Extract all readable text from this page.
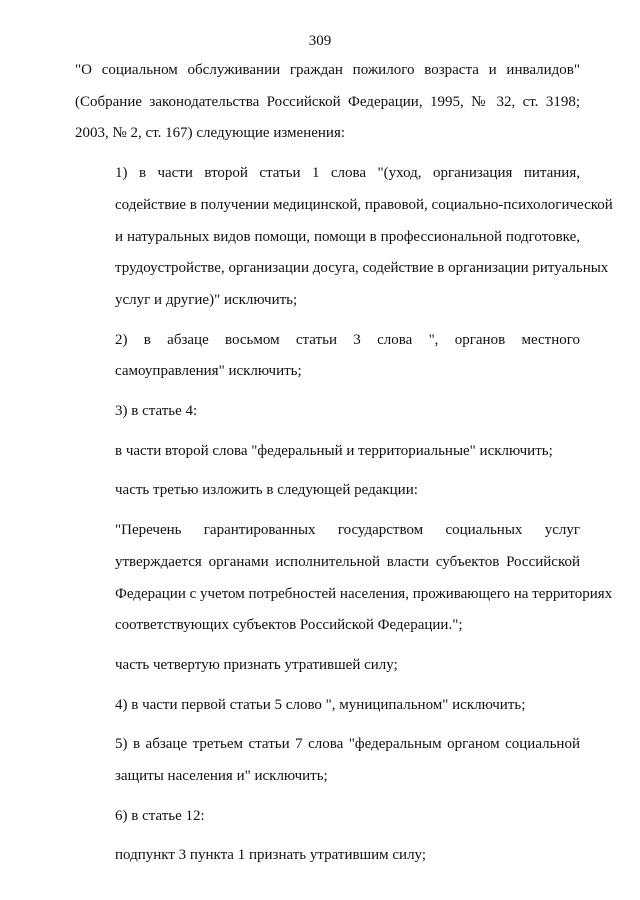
309
"О социальном обслуживании граждан пожилого возраста и инвалидов"
(Собрание законодательства Российской Федерации, 1995, № 32, ст. 3198;
2003, № 2, ст. 167) следующие изменения:
1) в части второй статьи 1 слова "(уход, организация питания,
содействие в получении медицинской, правовой, социально-психологической
и натуральных видов помощи, помощи в профессиональной подготовке,
трудоустройстве, организации досуга, содействие в организации ритуальных
услуг и другие)" исключить;
2) в абзаце восьмом статьи 3 слова ", органов местного
самоуправления" исключить;
3) в статье 4:
в части второй слова "федеральный и территориальные" исключить;
часть третью изложить в следующей редакции:
"Перечень гарантированных государством социальных услуг
утверждается органами исполнительной власти субъектов Российской
Федерации с учетом потребностей населения, проживающего на территориях
соответствующих субъектов Российской Федерации.";
часть четвертую признать утратившей силу;
4) в части первой статьи 5 слово ", муниципальном" исключить;
5) в абзаце третьем статьи 7 слова "федеральным органом социальной
защиты населения и" исключить;
6) в статье 12:
подпункт 3 пункта 1 признать утратившим силу;
